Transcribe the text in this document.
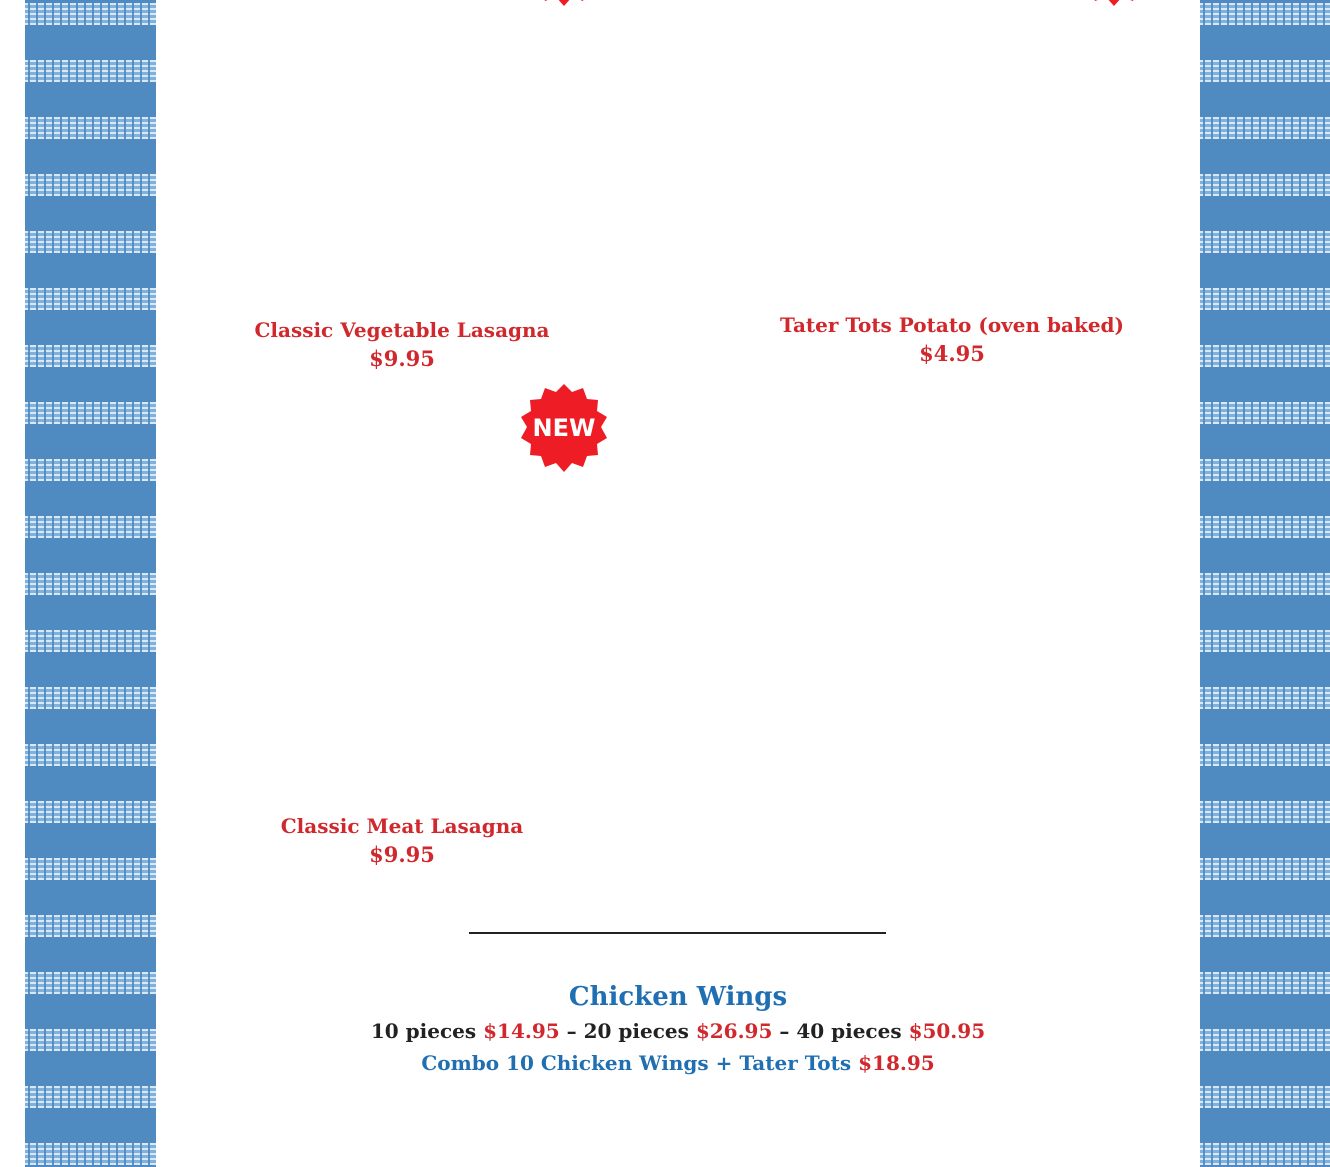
Classic Vegetable Lasagna
$9.95
Tater Tots Potato (oven baked)
$4.95
NEW
Classic Meat Lasagna
$9.95
Chicken Wings
10 pieces $14.95 – 20 pieces $26.95 – 40 pieces $50.95
Combo 10 Chicken Wings + Tater Tots $18.95
